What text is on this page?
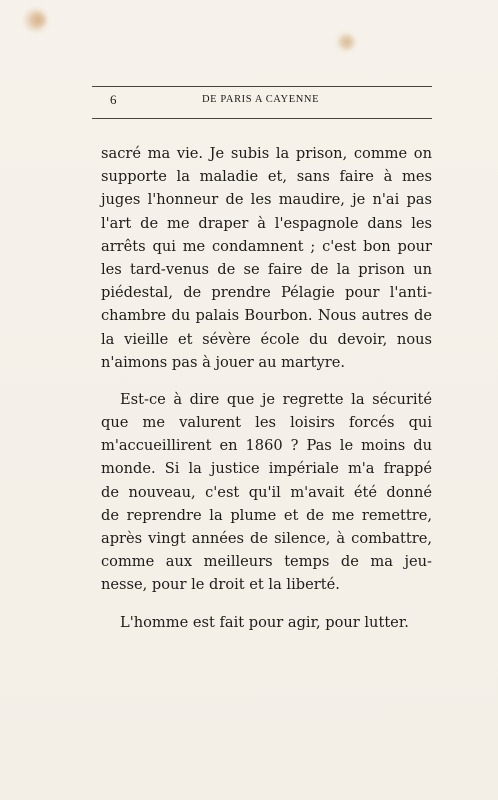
6	DE PARIS A CAYENNE

sacré ma vie. Je subis la prison, comme on
supporte la maladie et, sans faire à mes
juges l'honneur de les maudire, je n'ai pas
l'art de me draper à l'espagnole dans les
arrêts qui me condamnent ; c'est bon pour
les tard-venus de se faire de la prison un
piédestal, de prendre Pélagie pour l'anti-
chambre du palais Bourbon. Nous autres de
la vieille et sévère école du devoir, nous
n'aimons pas à jouer au martyre.

Est-ce à dire que je regrette la sécurité
que me valurent les loisirs forcés qui
m'accueillirent en 1860 ? Pas le moins du
monde. Si la justice impériale m'a frappé
de nouveau, c'est qu'il m'avait été donné
de reprendre la plume et de me remettre,
après vingt années de silence, à combattre,
comme aux meilleurs temps de ma jeu-
nesse, pour le droit et la liberté.

L'homme est fait pour agir, pour lutter.
